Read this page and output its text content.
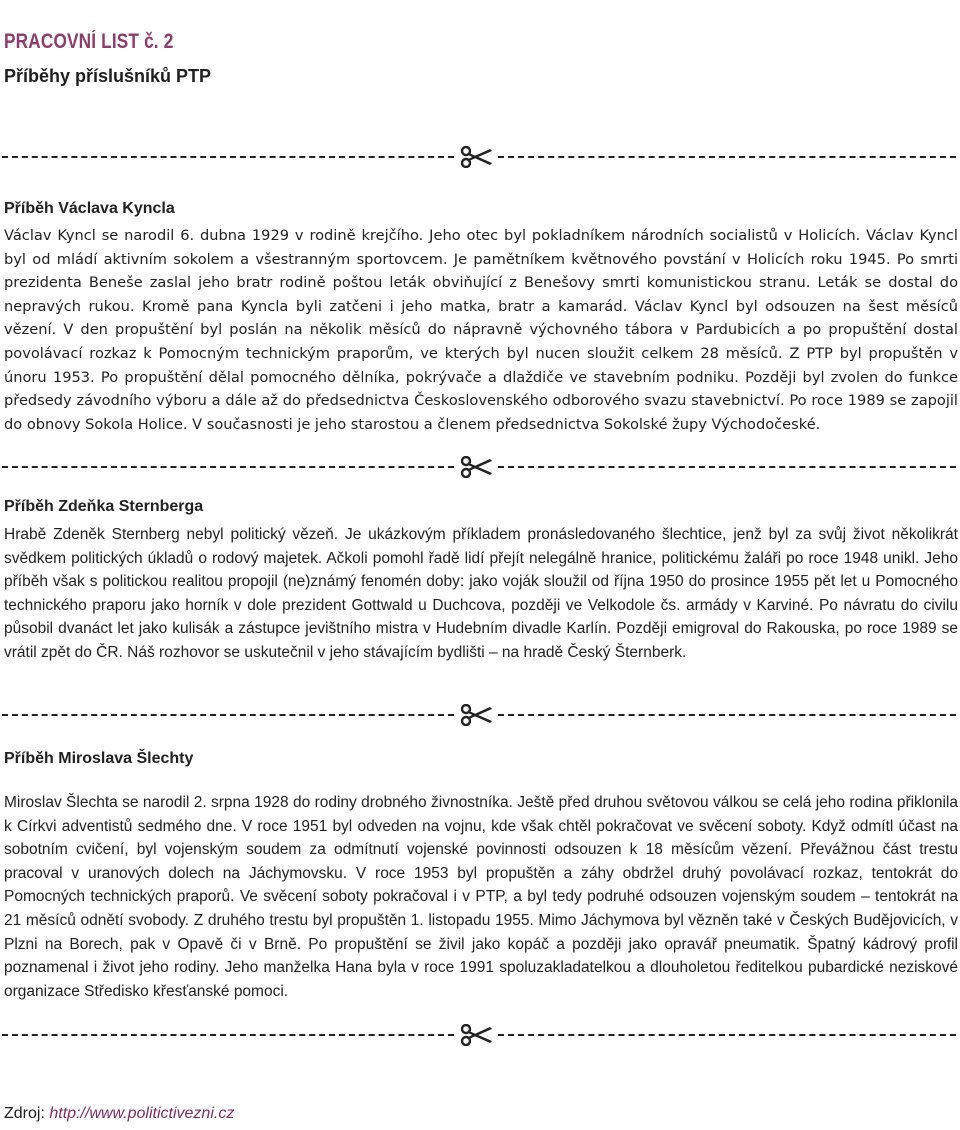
PRACOVNÍ LIST č. 2
Příběhy příslušníků PTP
Příběh Václava Kyncla

Václav Kyncl se narodil 6. dubna 1929 v rodině krejčího. Jeho otec byl pokladníkem národních socialistů v Holicích. Václav Kyncl byl od mládí aktivním sokolem a všestranným sportovcem. Je pamětníkem květnového povstání v Holicích roku 1945. Po smrti prezidenta Beneše zaslal jeho bratr rodině poštou leták obviňující z Benešovy smrti komunistickou stranu. Leták se dostal do nepravých rukou. Kromě pana Kyncla byli zatčeni i jeho matka, bratr a kamarád. Václav Kyncl byl odsouzen na šest měsíců vězení. V den propuštění byl poslán na několik měsíců do nápravně výchovného tábora v Pardubicích a po propuštění dostal povolávací rozkaz k Pomocným technickým praporům, ve kterých byl nucen sloužit celkem 28 měsíců. Z PTP byl propuštěn v únoru 1953. Po propuštění dělal pomocného dělníka, pokrývače a dlaždiče ve stavebním podniku. Později byl zvolen do funkce předsedy závodního výboru a dále až do předsednictva Československého odborového svazu stavebnictví. Po roce 1989 se zapojil do obnovy Sokola Holice. V současnosti je jeho starostou a členem předsednictva Sokolské župy Východočeské.

Příběh Zdeňka Sternberga

Hrabě Zdeněk Sternberg nebyl politický vězeň. Je ukázkovým příkladem pronásledovaného šlechtice, jenž byl za svůj život několikrát svědkem politických úkladů o rodový majetek. Ačkoli pomohl řadě lidí přejít nelegálně hranice, politickému žaláři po roce 1948 unikl. Jeho příběh však s politickou realitou propojil (ne)známý fenomén doby: jako voják sloužil od října 1950 do prosince 1955 pět let u Pomocného technického praporu jako horník v dole prezident Gottwald u Duchcova, později ve Velkodole čs. armády v Karviné. Po návratu do civilu působil dvanáct let jako kulisák a zástupce jevištního mistra v Hudebním divadle Karlín. Později emigroval do Rakouska, po roce 1989 se vrátil zpět do ČR. Náš rozhovor se uskutečnil v jeho stávajícím bydlišti – na hradě Český Šternberk.

Příběh Miroslava Šlechty

Miroslav Šlechta se narodil 2. srpna 1928 do rodiny drobného živnostníka. Ještě před druhou světovou válkou se celá jeho rodina přiklonila k Církvi adventistů sedmého dne. V roce 1951 byl odveden na vojnu, kde však chtěl pokračovat ve svěcení soboty. Když odmítl účast na sobotním cvičení, byl vojenským soudem za odmítnutí vojenské povinnosti odsouzen k 18 měsícům vězení. Převážnou část trestu pracoval v uranových dolech na Jáchymovsku. V roce 1953 byl propuštěn a záhy obdržel druhý povolávací rozkaz, tentokrát do Pomocných technických praporů. Ve svěcení soboty pokračoval i v PTP, a byl tedy podruhé odsouzen vojenským soudem – tentokrát na 21 měsíců odnětí svobody. Z druhého trestu byl propuštěn 1. listopadu 1955. Mimo Jáchymova byl vězněn také v Českých Budějovicích, v Plzni na Borech, pak v Opavě či v Brně. Po propuštění se živil jako kopáč a později jako opravář pneumatik. Špatný kádrový profil poznamenal i život jeho rodiny. Jeho manželka Hana byla v roce 1991 spoluzakladatelkou a dlouholetou ředitelkou pubardické neziskové organizace Středisko křesťanské pomoci.

Zdroj: http://www.politictivezni.cz
